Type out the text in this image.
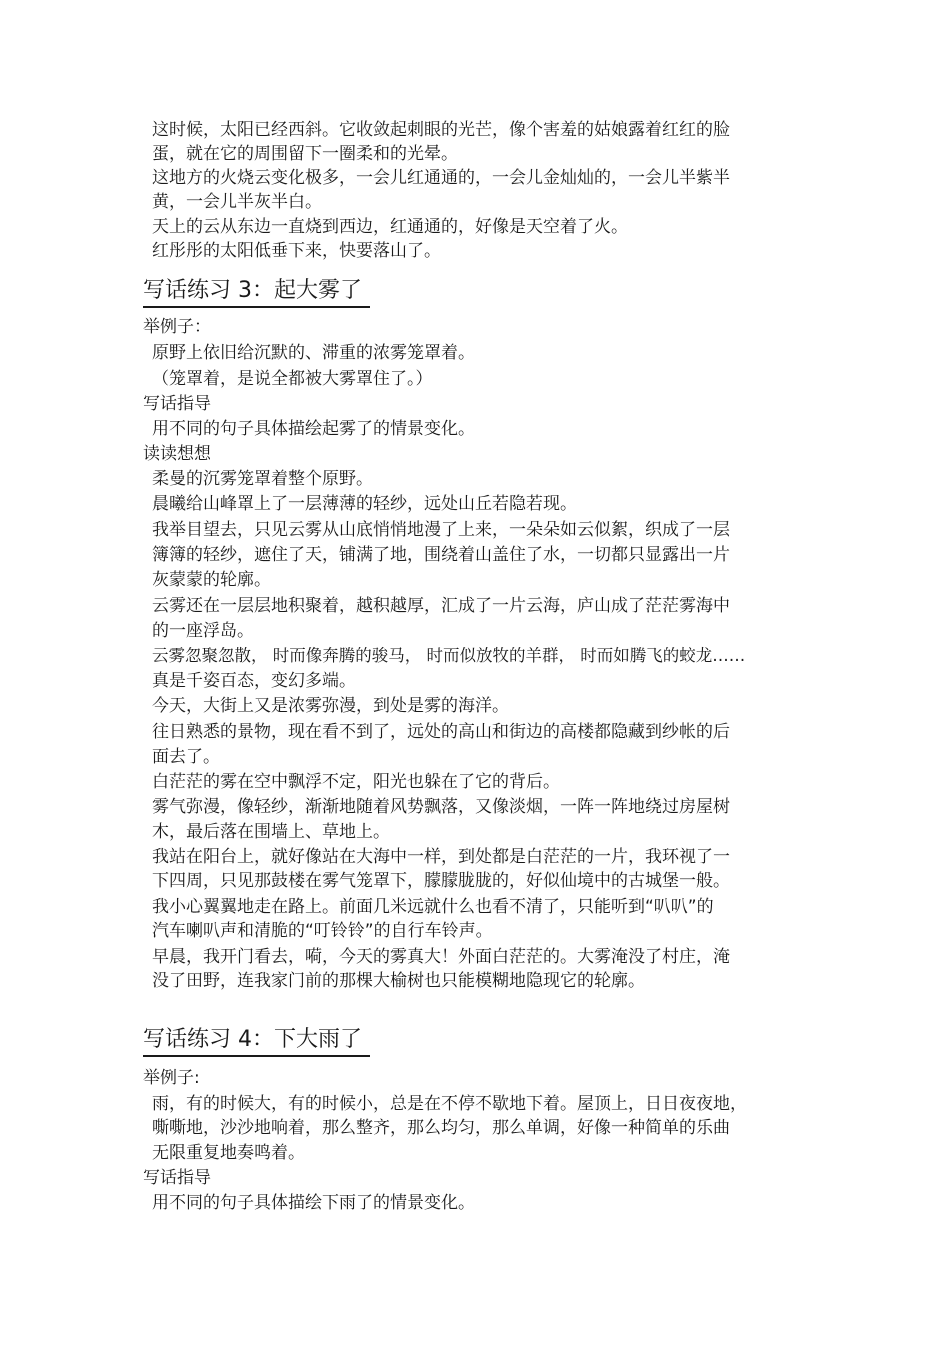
这时候，太阳已经西斜。它收敛起刺眼的光芒，像个害羞的姑娘露着红红的脸
蛋，就在它的周围留下一圈柔和的光晕。
这地方的火烧云变化极多，一会儿红通通的，一会儿金灿灿的，一会儿半紫半
黄，一会儿半灰半白。
天上的云从东边一直烧到西边，红通通的，好像是天空着了火。
红彤彤的太阳低垂下来，快要落山了。
写话练习 3：起大雾了
举例子：
原野上依旧给沉默的、滞重的浓雾笼罩着。
（笼罩着，是说全都被大雾罩住了。）
写话指导
用不同的句子具体描绘起雾了的情景变化。
读读想想
柔曼的沉雾笼罩着整个原野。
晨曦给山峰罩上了一层薄薄的轻纱，远处山丘若隐若现。
我举目望去，只见云雾从山底悄悄地漫了上来，一朵朵如云似絮，织成了一层
簿簿的轻纱，遮住了天，铺满了地，围绕着山盖住了水，一切都只显露出一片
灰蒙蒙的轮廓。
云雾还在一层层地积聚着，越积越厚，汇成了一片云海，庐山成了茫茫雾海中
的一座浮岛。
云雾忽聚忽散， 时而像奔腾的骏马， 时而似放牧的羊群， 时而如腾飞的蛟龙……
真是千姿百态，变幻多端。
今天，大街上又是浓雾弥漫，到处是雾的海洋。
往日熟悉的景物，现在看不到了，远处的高山和街边的高楼都隐藏到纱帐的后
面去了。
白茫茫的雾在空中飘浮不定，阳光也躲在了它的背后。
雾气弥漫，像轻纱，渐渐地随着风势飘落，又像淡烟，一阵一阵地绕过房屋树
木，最后落在围墙上、草地上。
我站在阳台上，就好像站在大海中一样，到处都是白茫茫的一片，我环视了一
下四周，只见那鼓楼在雾气笼罩下，朦朦胧胧的，好似仙境中的古城堡一般。
我小心翼翼地走在路上。前面几米远就什么也看不清了，只能听到“叭叭”的
汽车喇叭声和清脆的“叮铃铃”的自行车铃声。
早晨，我开门看去，嗬，今天的雾真大！外面白茫茫的。大雾淹没了村庄，淹
没了田野，连我家门前的那棵大榆树也只能模糊地隐现它的轮廓。
写话练习 4：下大雨了
举例子:
雨，有的时候大，有的时候小，总是在不停不歇地下着。屋顶上，日日夜夜地，
嘶嘶地，沙沙地响着，那么整齐，那么均匀，那么单调，好像一种简单的乐曲
无限重复地奏鸣着。
写话指导
用不同的句子具体描绘下雨了的情景变化。
